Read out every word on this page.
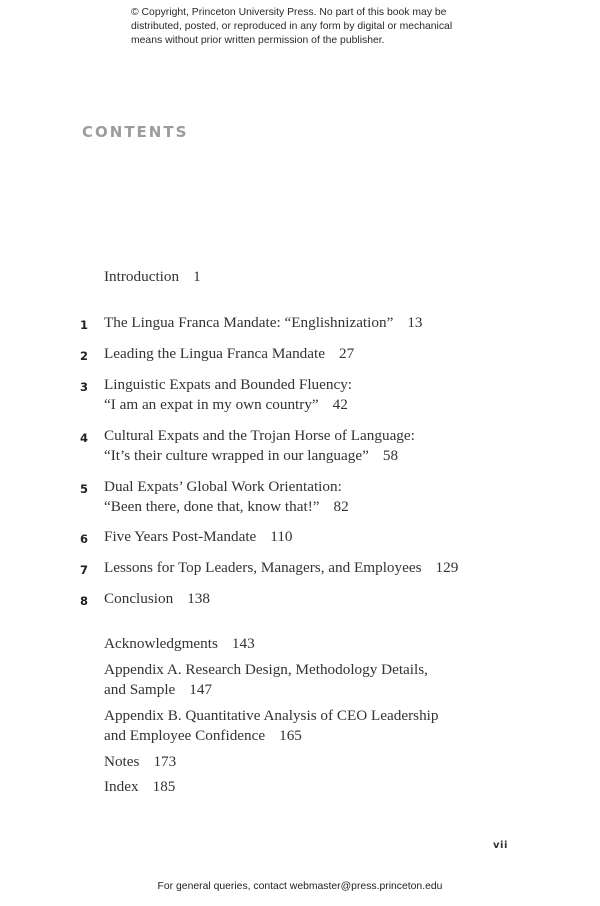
© Copyright, Princeton University Press. No part of this book may be
distributed, posted, or reproduced in any form by digital or mechanical
means without prior written permission of the publisher.
CONTENTS
Introduction 1
1 The Lingua Franca Mandate: “Englishnization” 13
2 Leading the Lingua Franca Mandate 27
3 Linguistic Expats and Bounded Fluency:
“I am an expat in my own country” 42
4 Cultural Expats and the Trojan Horse of Language:
“It’s their culture wrapped in our language” 58
5 Dual Expats’ Global Work Orientation:
“Been there, done that, know that!” 82
6 Five Years Post-Mandate 110
7 Lessons for Top Leaders, Managers, and Employees 129
8 Conclusion 138
Acknowledgments 143
Appendix A. Research Design, Methodology Details,
and Sample 147
Appendix B. Quantitative Analysis of CEO Leadership
and Employee Confidence 165
Notes 173
Index 185
vii
For general queries, contact webmaster@press.princeton.edu
